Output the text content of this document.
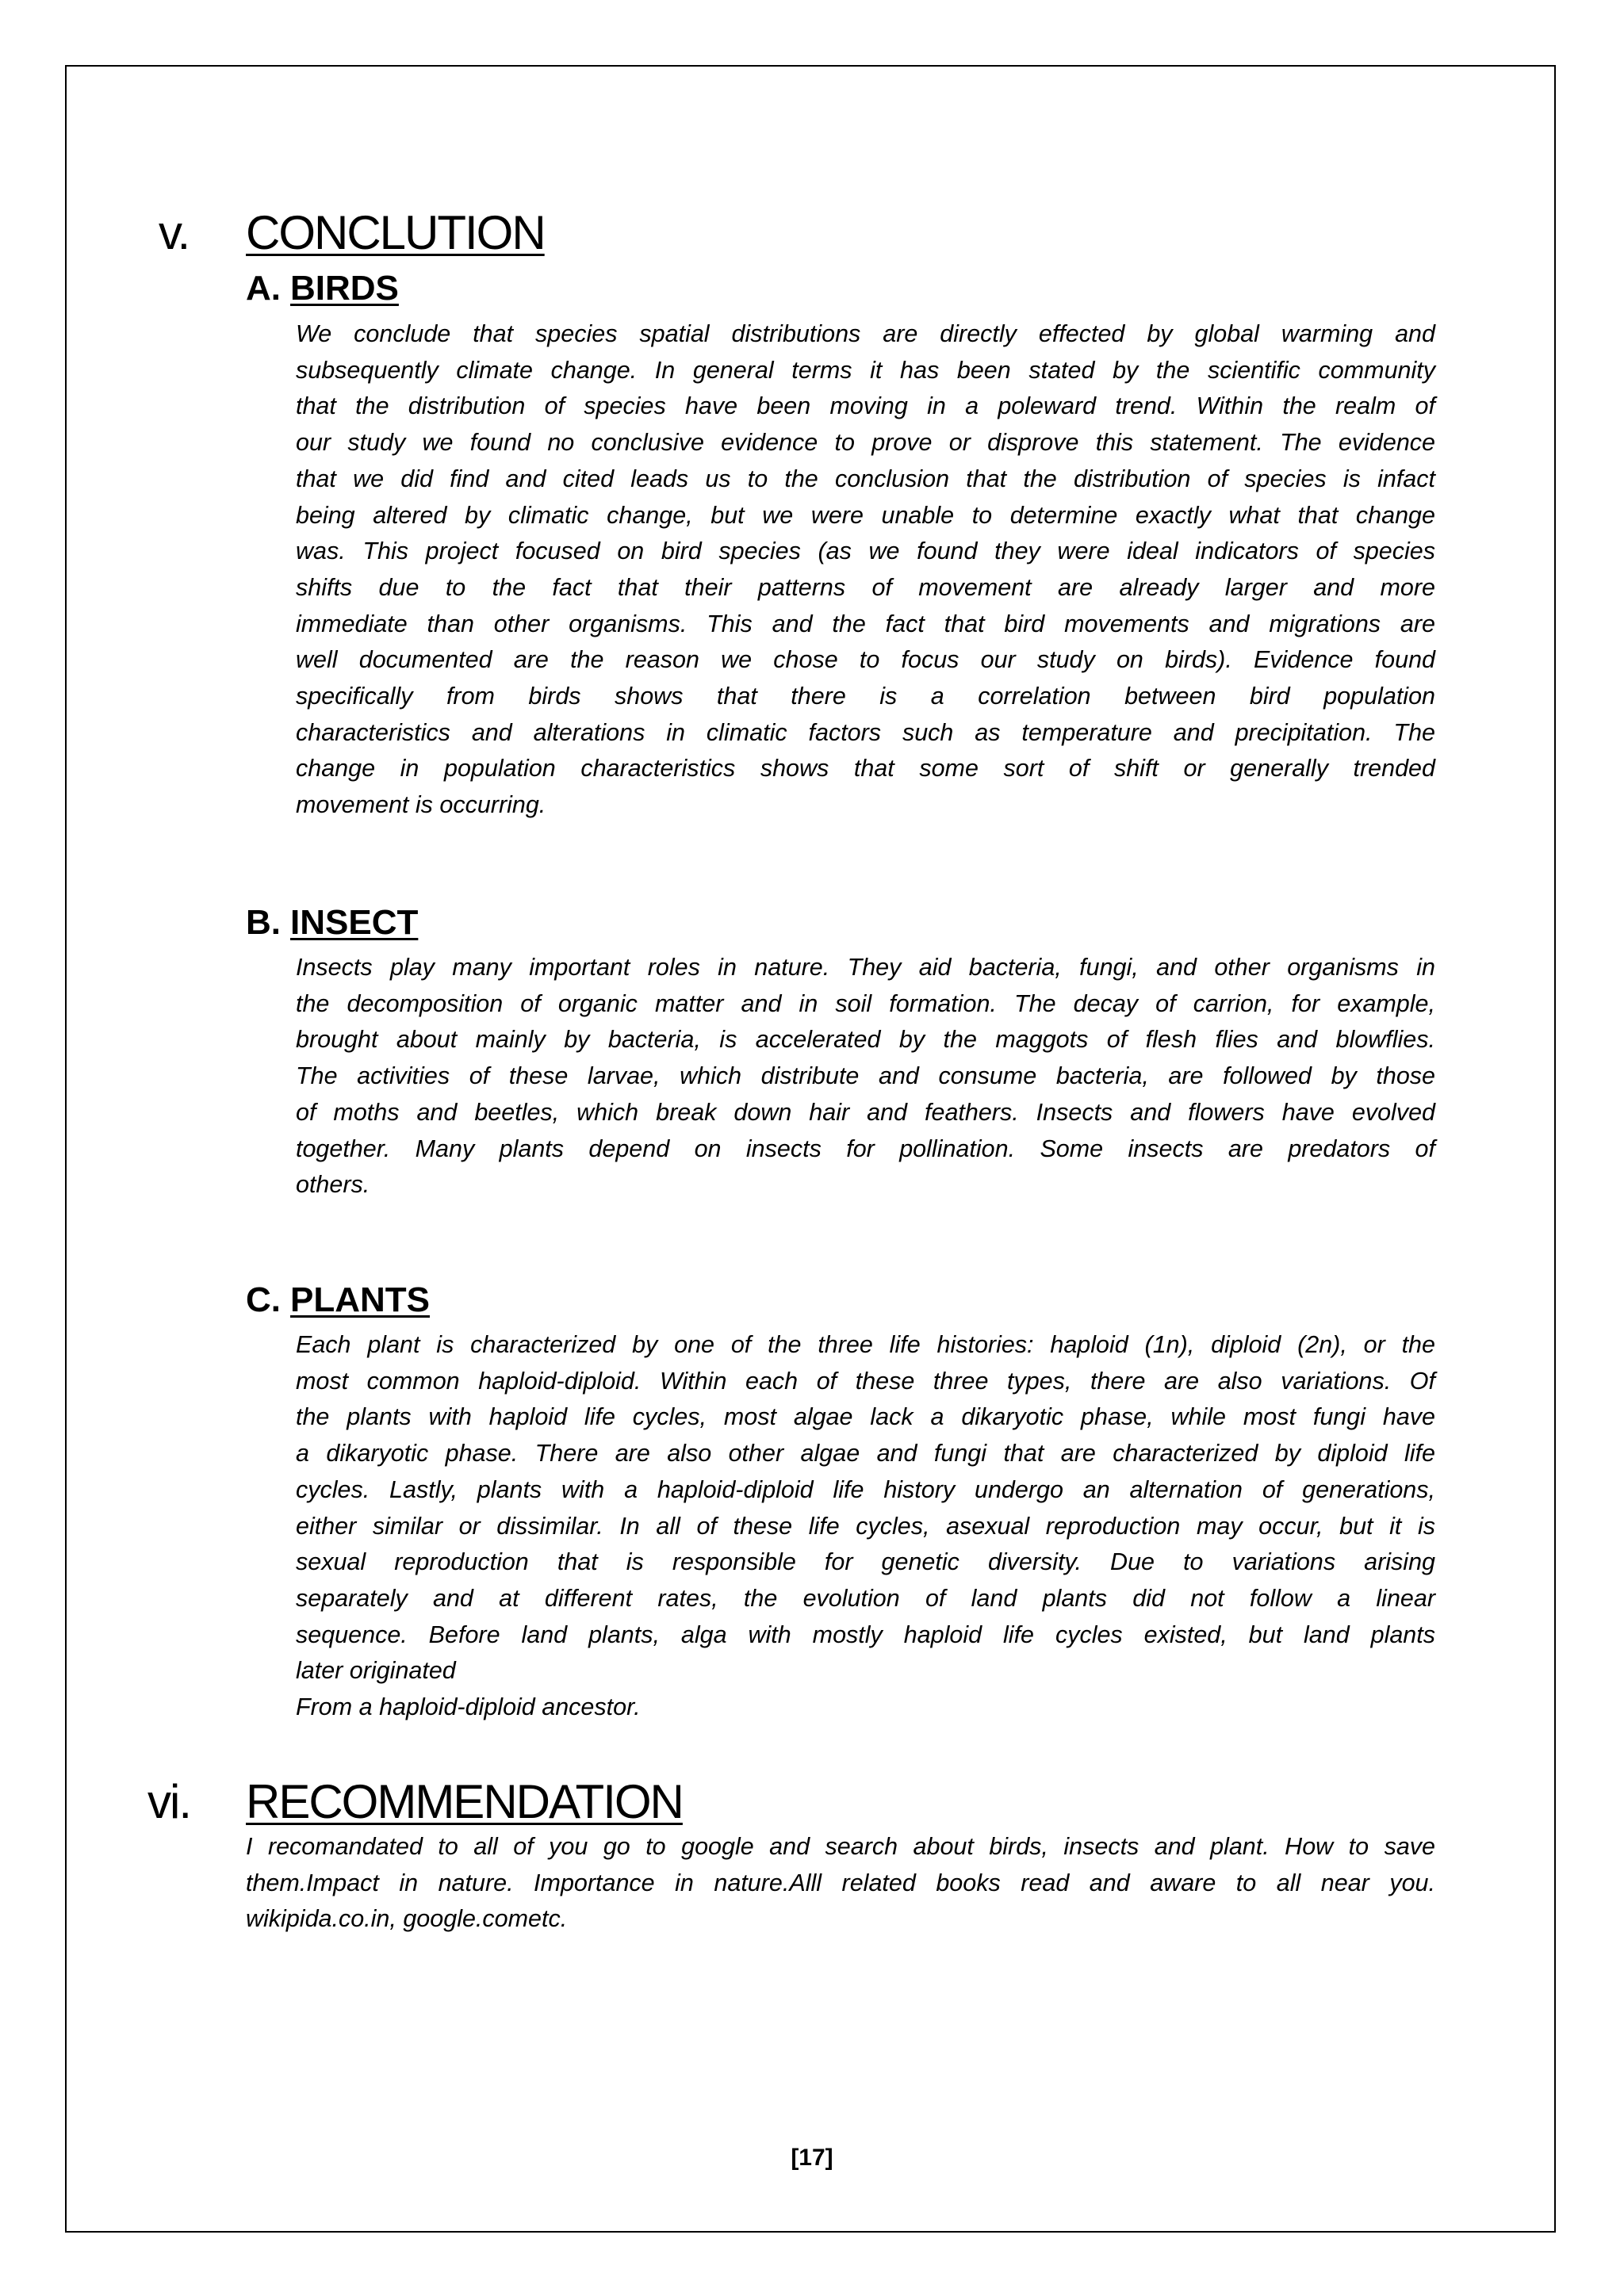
v. CONCLUTION
A. BIRDS
We conclude that species spatial distributions are directly effected by global warming and
subsequently climate change. In general terms it has been stated by the scientific community
that the distribution of species have been moving in a poleward trend. Within the realm of
our study we found no conclusive evidence to prove or disprove this statement. The evidence
that we did find and cited leads us to the conclusion that the distribution of species is infact
being altered by climatic change, but we were unable to determine exactly what that change
was. This project focused on bird species (as we found they were ideal indicators of species
shifts due to the fact that their patterns of movement are already larger and more
immediate than other organisms. This and the fact that bird movements and migrations are
well documented are the reason we chose to focus our study on birds). Evidence found
specifically from birds shows that there is a correlation between bird population
characteristics and alterations in climatic factors such as temperature and precipitation. The
change in population characteristics shows that some sort of shift or generally trended
movement is occurring.
B. INSECT
Insects play many important roles in nature. They aid bacteria, fungi, and other organisms in
the decomposition of organic matter and in soil formation. The decay of carrion, for example,
brought about mainly by bacteria, is accelerated by the maggots of flesh flies and blowflies.
The activities of these larvae, which distribute and consume bacteria, are followed by those
of moths and beetles, which break down hair and feathers. Insects and flowers have evolved
together. Many plants depend on insects for pollination. Some insects are predators of
others.
C. PLANTS
Each plant is characterized by one of the three life histories: haploid (1n), diploid (2n), or the
most common haploid-diploid. Within each of these three types, there are also variations. Of
the plants with haploid life cycles, most algae lack a dikaryotic phase, while most fungi have
a dikaryotic phase. There are also other algae and fungi that are characterized by diploid life
cycles. Lastly, plants with a haploid-diploid life history undergo an alternation of generations,
either similar or dissimilar. In all of these life cycles, asexual reproduction may occur, but it is
sexual reproduction that is responsible for genetic diversity. Due to variations arising
separately and at different rates, the evolution of land plants did not follow a linear
sequence. Before land plants, alga with mostly haploid life cycles existed, but land plants
later originated
From a haploid-diploid ancestor.
vi. RECOMMENDATION
I recomandated to all of you go to google and search about birds, insects and plant. How to save
them.Impact in nature. Importance in nature.Alll related books read and aware to all near you.
wikipida.co.in, google.cometc.
[17]
